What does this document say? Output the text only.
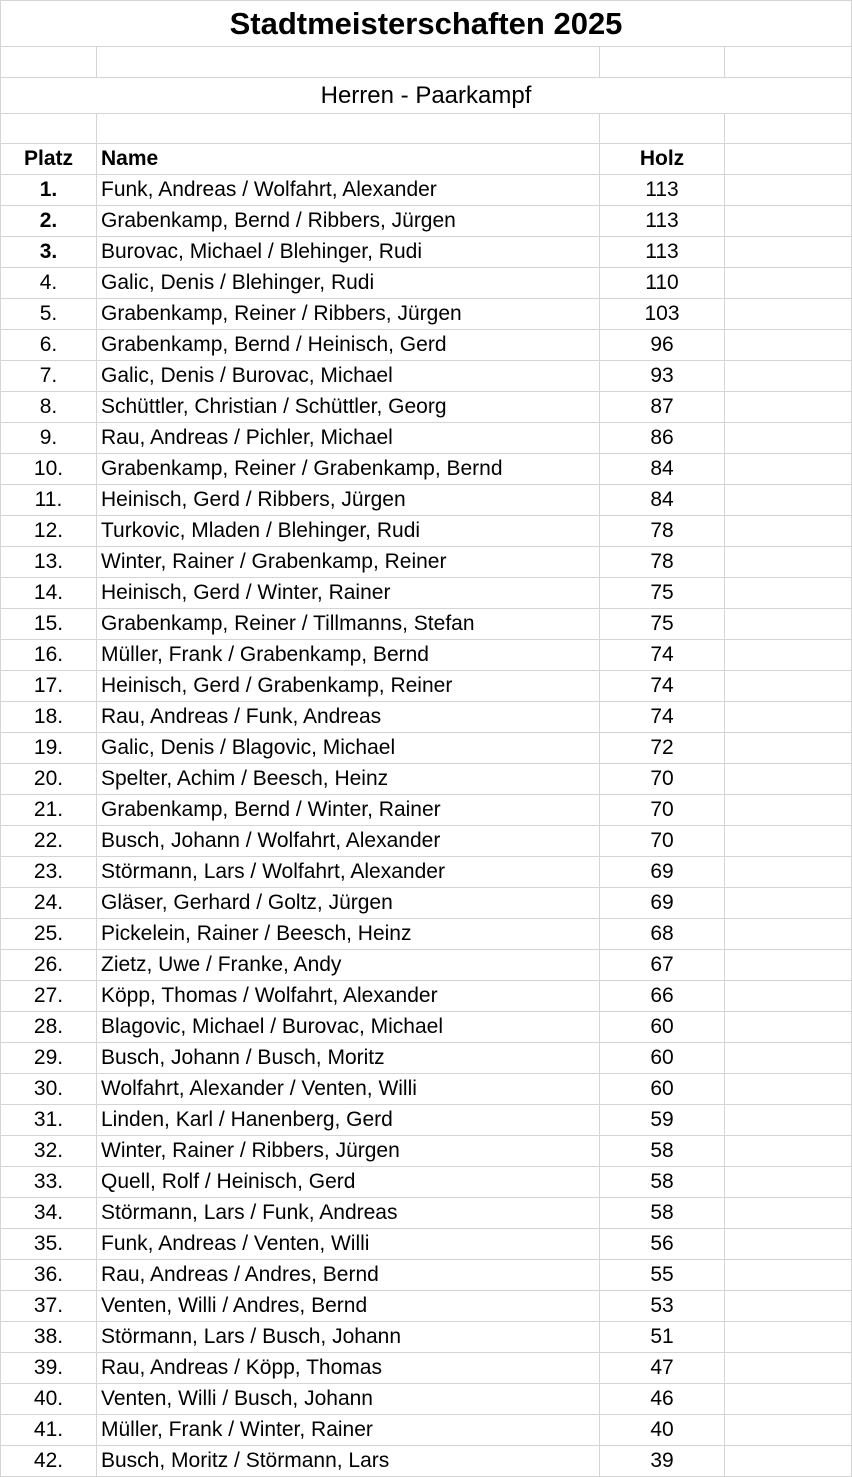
Stadtmeisterschaften 2025
Herren - Paarkampf
Platz	Name	Holz
1.	Funk, Andreas / Wolfahrt, Alexander	113
2.	Grabenkamp, Bernd / Ribbers, Jürgen	113
3.	Burovac, Michael / Blehinger, Rudi	113
4.	Galic, Denis / Blehinger, Rudi	110
5.	Grabenkamp, Reiner / Ribbers, Jürgen	103
6.	Grabenkamp, Bernd / Heinisch, Gerd	96
7.	Galic, Denis / Burovac, Michael	93
8.	Schüttler, Christian / Schüttler, Georg	87
9.	Rau, Andreas / Pichler, Michael	86
10.	Grabenkamp, Reiner / Grabenkamp, Bernd	84
11.	Heinisch, Gerd / Ribbers, Jürgen	84
12.	Turkovic, Mladen / Blehinger, Rudi	78
13.	Winter, Rainer / Grabenkamp, Reiner	78
14.	Heinisch, Gerd / Winter, Rainer	75
15.	Grabenkamp, Reiner / Tillmanns, Stefan	75
16.	Müller, Frank / Grabenkamp, Bernd	74
17.	Heinisch, Gerd / Grabenkamp, Reiner	74
18.	Rau, Andreas / Funk, Andreas	74
19.	Galic, Denis / Blagovic, Michael	72
20.	Spelter, Achim / Beesch, Heinz	70
21.	Grabenkamp, Bernd / Winter, Rainer	70
22.	Busch, Johann / Wolfahrt, Alexander	70
23.	Störmann, Lars / Wolfahrt, Alexander	69
24.	Gläser, Gerhard / Goltz, Jürgen	69
25.	Pickelein, Rainer / Beesch, Heinz	68
26.	Zietz, Uwe / Franke, Andy	67
27.	Köpp, Thomas / Wolfahrt, Alexander	66
28.	Blagovic, Michael / Burovac, Michael	60
29.	Busch, Johann / Busch, Moritz	60
30.	Wolfahrt, Alexander / Venten, Willi	60
31.	Linden, Karl / Hanenberg, Gerd	59
32.	Winter, Rainer / Ribbers, Jürgen	58
33.	Quell, Rolf / Heinisch, Gerd	58
34.	Störmann, Lars / Funk, Andreas	58
35.	Funk, Andreas / Venten, Willi	56
36.	Rau, Andreas / Andres, Bernd	55
37.	Venten, Willi / Andres, Bernd	53
38.	Störmann, Lars / Busch, Johann	51
39.	Rau, Andreas / Köpp, Thomas	47
40.	Venten, Willi / Busch, Johann	46
41.	Müller, Frank / Winter, Rainer	40
42.	Busch, Moritz / Störmann, Lars	39
